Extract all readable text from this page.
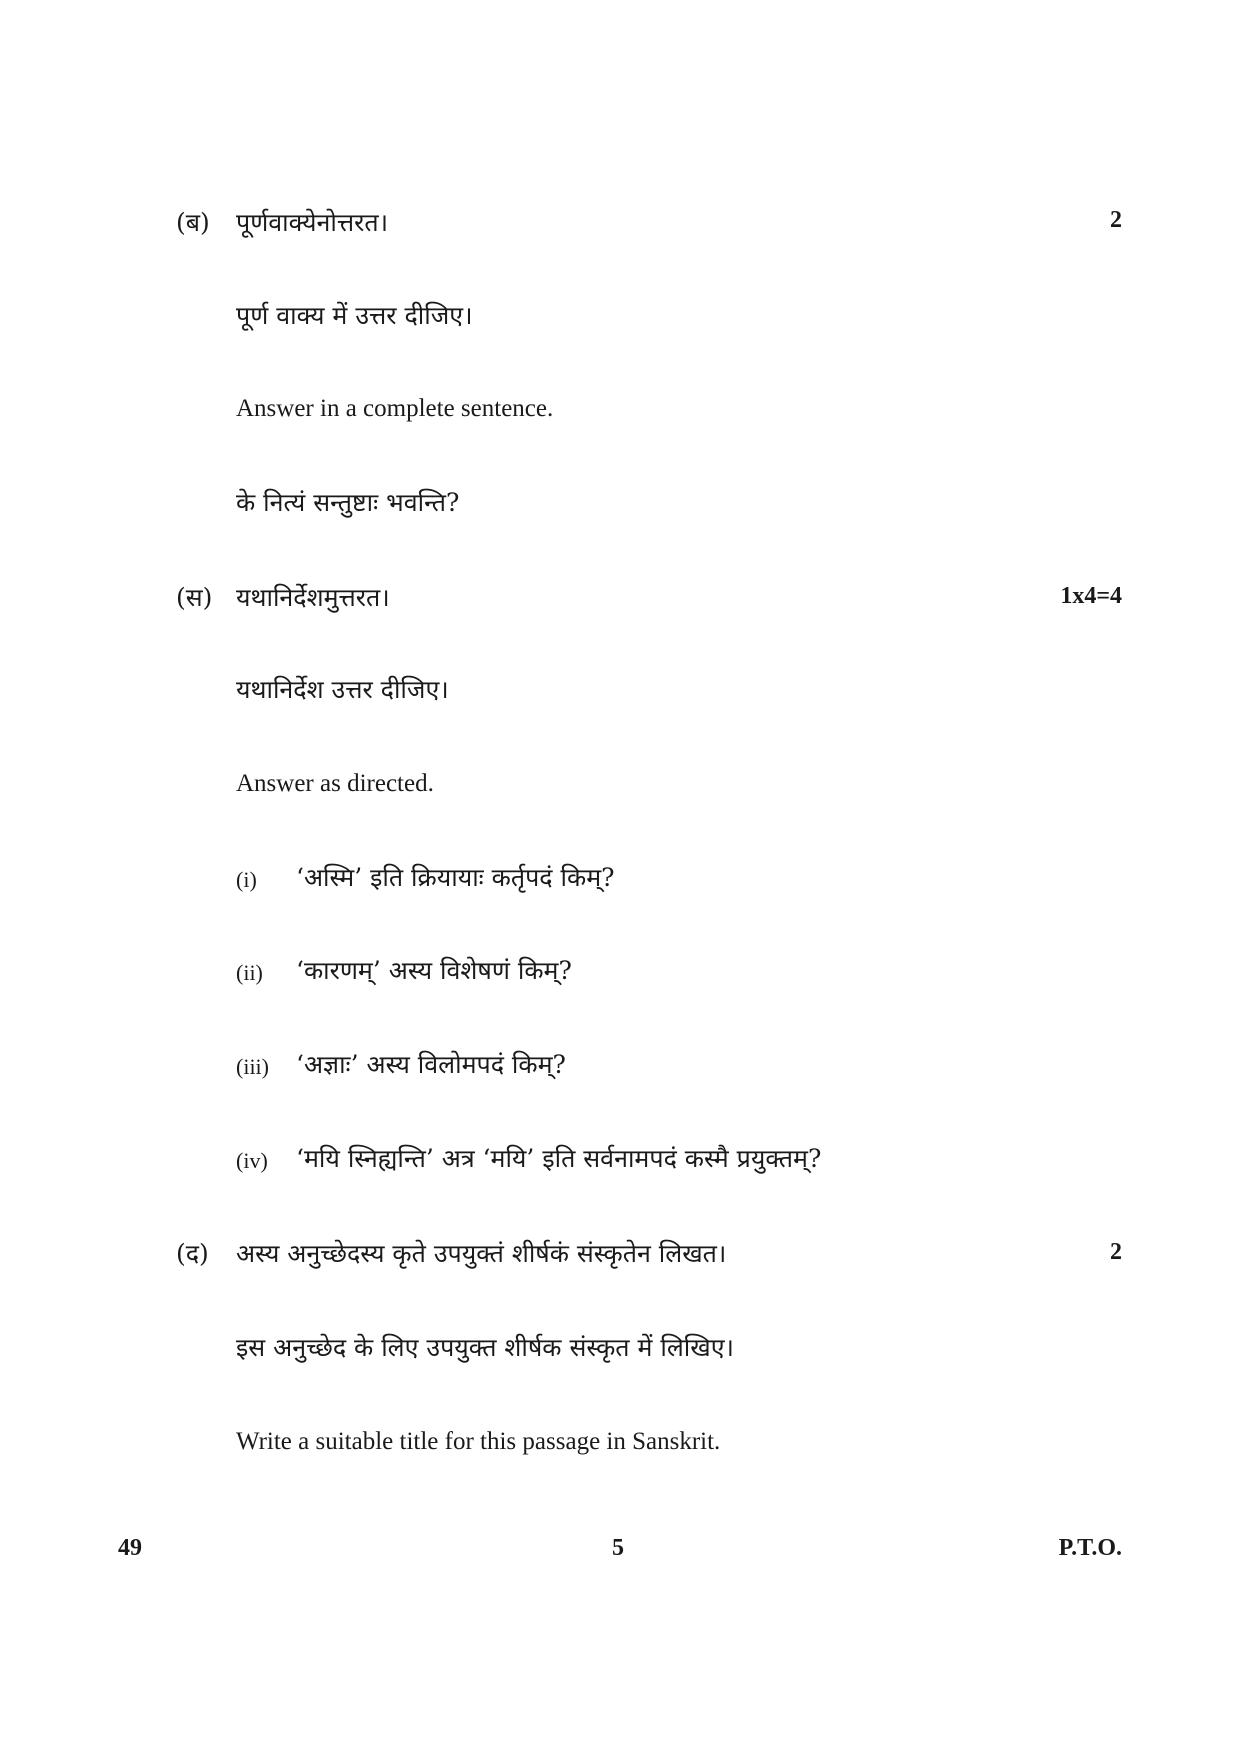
(ब) पूर्णवाक्येनोत्तरत।	2
पूर्ण वाक्य में उत्तर दीजिए।
Answer in a complete sentence.
के नित्यं सन्तुष्टाः भवन्ति?
(स) यथानिर्देशमुत्तरत।	1x4=4
यथानिर्देश उत्तर दीजिए।
Answer as directed.
(i) ‘अस्मि’ इति क्रियायाः कर्तृपदं किम्?
(ii) ‘कारणम्’ अस्य विशेषणं किम्?
(iii) ‘अज्ञाः’ अस्य विलोमपदं किम्?
(iv) ‘मयि स्निह्यन्ति’ अत्र ‘मयि’ इति सर्वनामपदं कस्मै प्रयुक्तम्?
(द) अस्य अनुच्छेदस्य कृते उपयुक्तं शीर्षकं संस्कृतेन लिखत।	2
इस अनुच्छेद के लिए उपयुक्त शीर्षक संस्कृत में लिखिए।
Write a suitable title for this passage in Sanskrit.
49	5	P.T.O.
